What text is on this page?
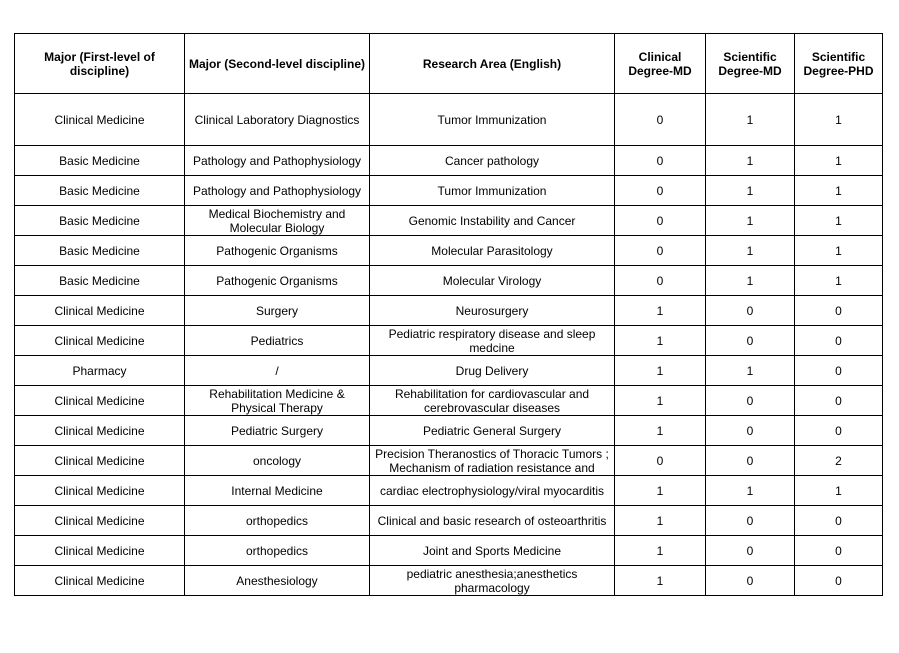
Major (First-level of discipline)	Major (Second-level discipline)	Research Area (English)	Clinical Degree-MD	Scientific Degree-MD	Scientific Degree-PHD
Clinical Medicine	Clinical Laboratory Diagnostics	Tumor Immunization	0	1	1
Basic Medicine	Pathology and Pathophysiology	Cancer pathology	0	1	1
Basic Medicine	Pathology and Pathophysiology	Tumor Immunization	0	1	1
Basic Medicine	Medical Biochemistry and Molecular Biology	Genomic Instability and Cancer	0	1	1
Basic Medicine	Pathogenic Organisms	Molecular Parasitology	0	1	1
Basic Medicine	Pathogenic Organisms	Molecular Virology	0	1	1
Clinical Medicine	Surgery	Neurosurgery	1	0	0
Clinical Medicine	Pediatrics	Pediatric respiratory disease and sleep medcine	1	0	0
Pharmacy	/	Drug Delivery	1	1	0
Clinical Medicine	Rehabilitation Medicine & Physical Therapy	Rehabilitation for cardiovascular and cerebrovascular diseases	1	0	0
Clinical Medicine	Pediatric Surgery	Pediatric General Surgery	1	0	0
Clinical Medicine	oncology	Precision Theranostics of Thoracic Tumors ; Mechanism of radiation resistance and	0	0	2
Clinical Medicine	Internal Medicine	cardiac electrophysiology/viral myocarditis	1	1	1
Clinical Medicine	orthopedics	Clinical and basic research of osteoarthritis	1	0	0
Clinical Medicine	orthopedics	Joint and Sports Medicine	1	0	0
Clinical Medicine	Anesthesiology	pediatric anesthesia;anesthetics pharmacology	1	0	0
